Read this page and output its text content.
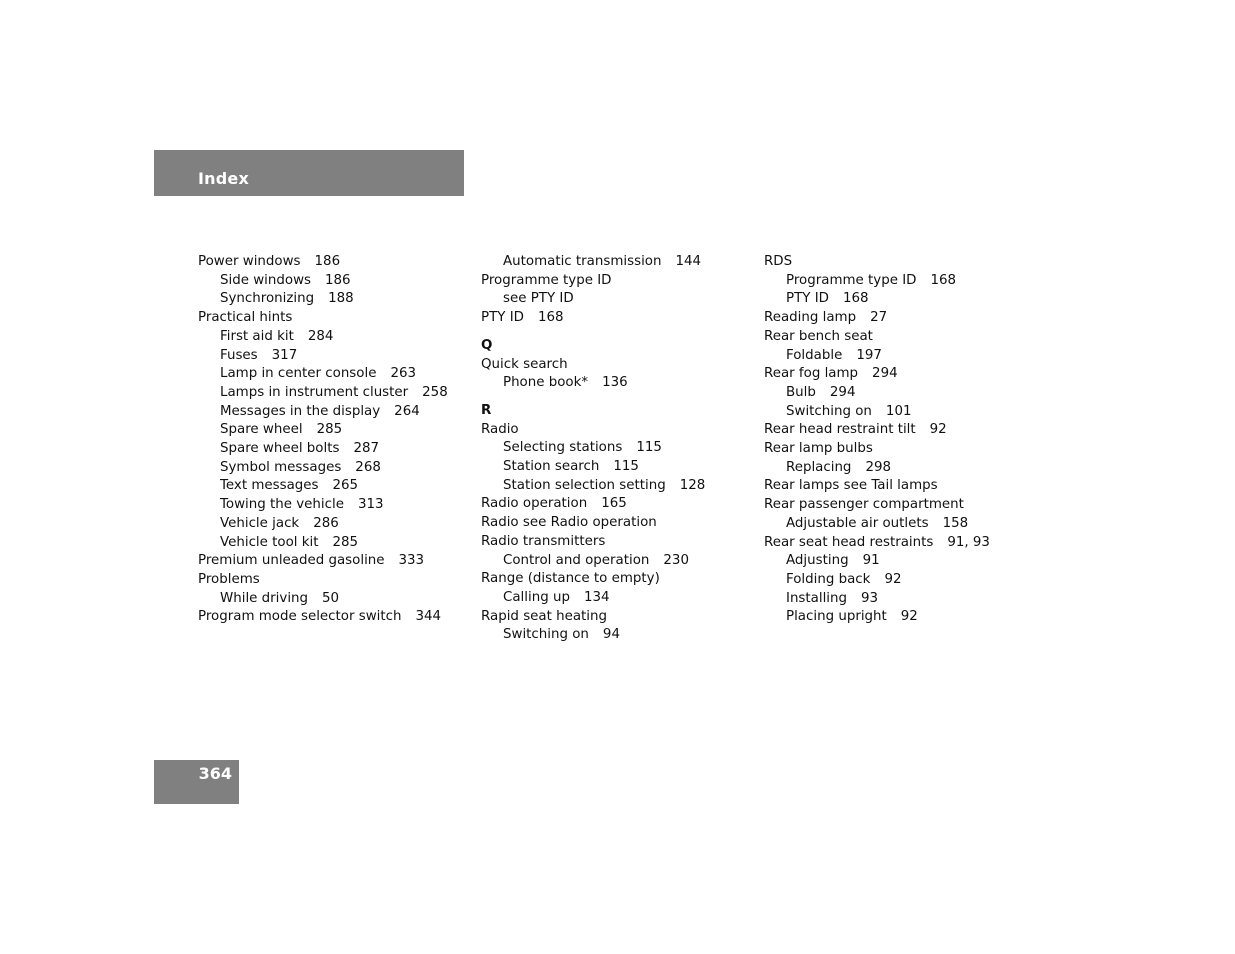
Index
Power windows 186
Side windows 186
Synchronizing 188
Practical hints
First aid kit 284
Fuses 317
Lamp in center console 263
Lamps in instrument cluster 258
Messages in the display 264
Spare wheel 285
Spare wheel bolts 287
Symbol messages 268
Text messages 265
Towing the vehicle 313
Vehicle jack 286
Vehicle tool kit 285
Premium unleaded gasoline 333
Problems
While driving 50
Program mode selector switch 344
Automatic transmission 144
Programme type ID
see PTY ID
PTY ID 168
Q
Quick search
Phone book* 136
R
Radio
Selecting stations 115
Station search 115
Station selection setting 128
Radio operation 165
Radio see Radio operation
Radio transmitters
Control and operation 230
Range (distance to empty)
Calling up 134
Rapid seat heating
Switching on 94
RDS
Programme type ID 168
PTY ID 168
Reading lamp 27
Rear bench seat
Foldable 197
Rear fog lamp 294
Bulb 294
Switching on 101
Rear head restraint tilt 92
Rear lamp bulbs
Replacing 298
Rear lamps see Tail lamps
Rear passenger compartment
Adjustable air outlets 158
Rear seat head restraints 91, 93
Adjusting 91
Folding back 92
Installing 93
Placing upright 92
364
